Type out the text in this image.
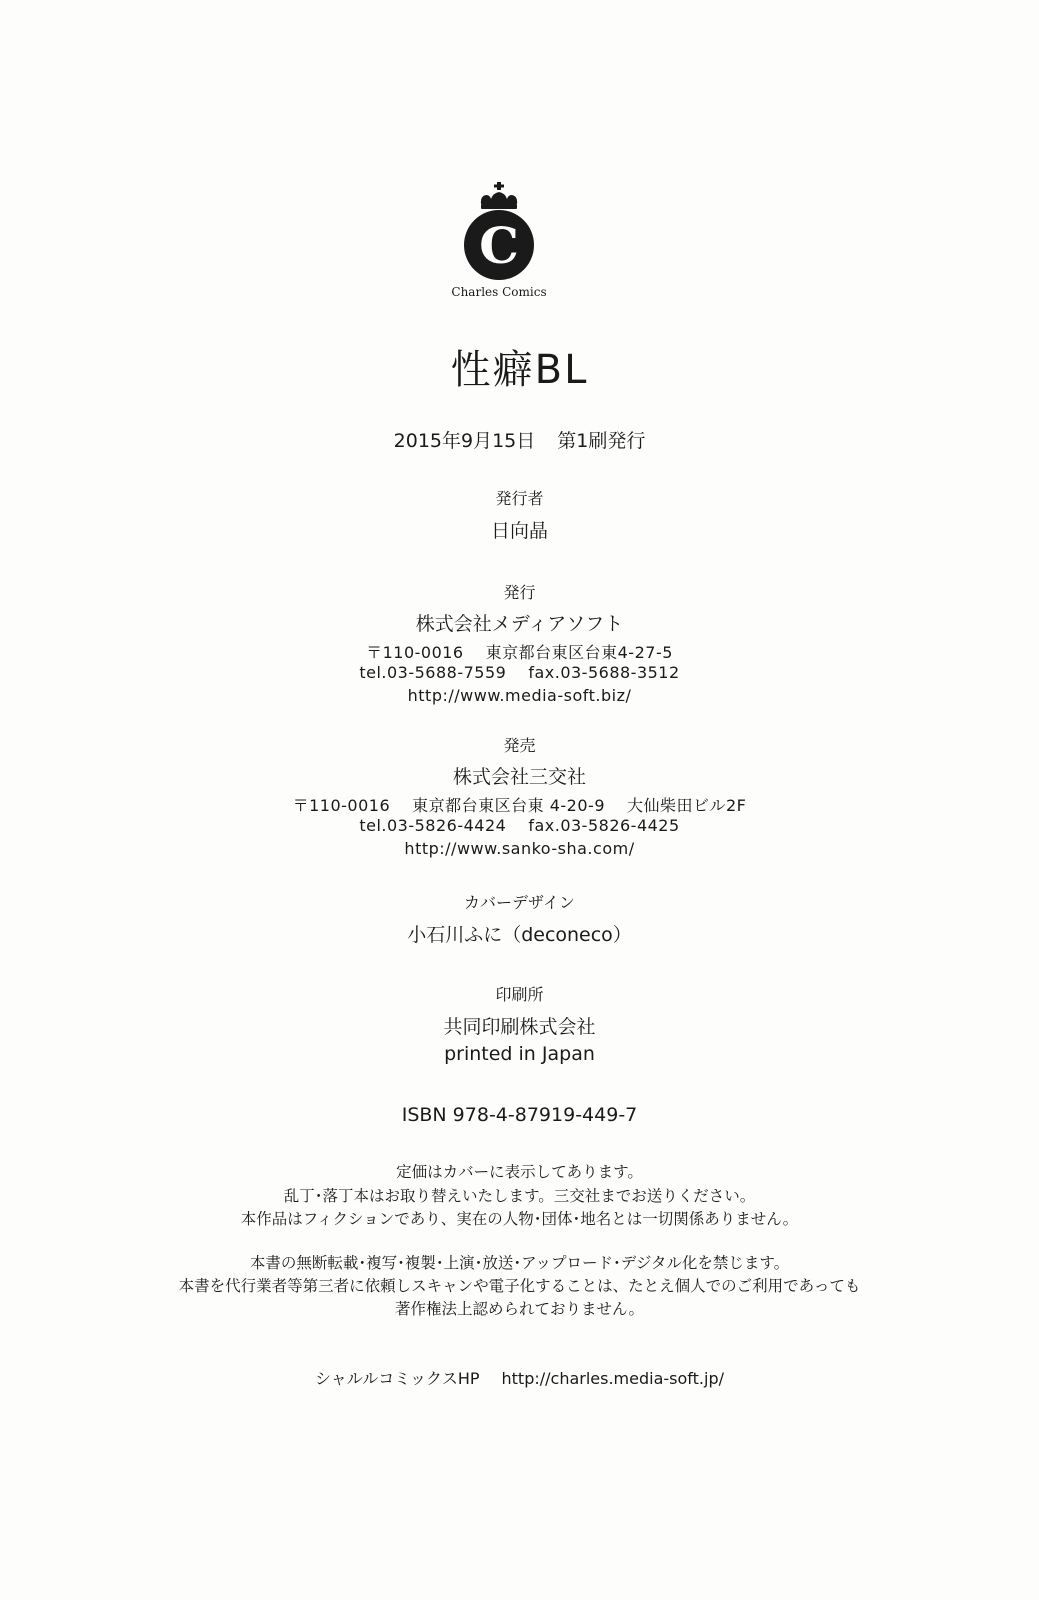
C
Charles Comics
性癖BL
2015年9月15日 第1刷発行
発行者
日向晶
発行
株式会社メディアソフト
〒110-0016 東京都台東区台東4-27-5
tel.03-5688-7559 fax.03-5688-3512
http://www.media-soft.biz/
発売
株式会社三交社
〒110-0016 東京都台東区台東 4-20-9 大仙柴田ビル2F
tel.03-5826-4424 fax.03-5826-4425
http://www.sanko-sha.com/
カバーデザイン
小石川ふに（deconeco）
印刷所
共同印刷株式会社
printed in Japan
ISBN 978-4-87919-449-7
定価はカバーに表示してあります。
乱丁･落丁本はお取り替えいたします。三交社までお送りください。
本作品はフィクションであり、実在の人物･団体･地名とは一切関係ありません。
本書の無断転載･複写･複製･上演･放送･アップロード･デジタル化を禁じます。
本書を代行業者等第三者に依頼しスキャンや電子化することは、たとえ個人でのご利用であっても
著作権法上認められておりません。
シャルルコミックスHP http://charles.media-soft.jp/
